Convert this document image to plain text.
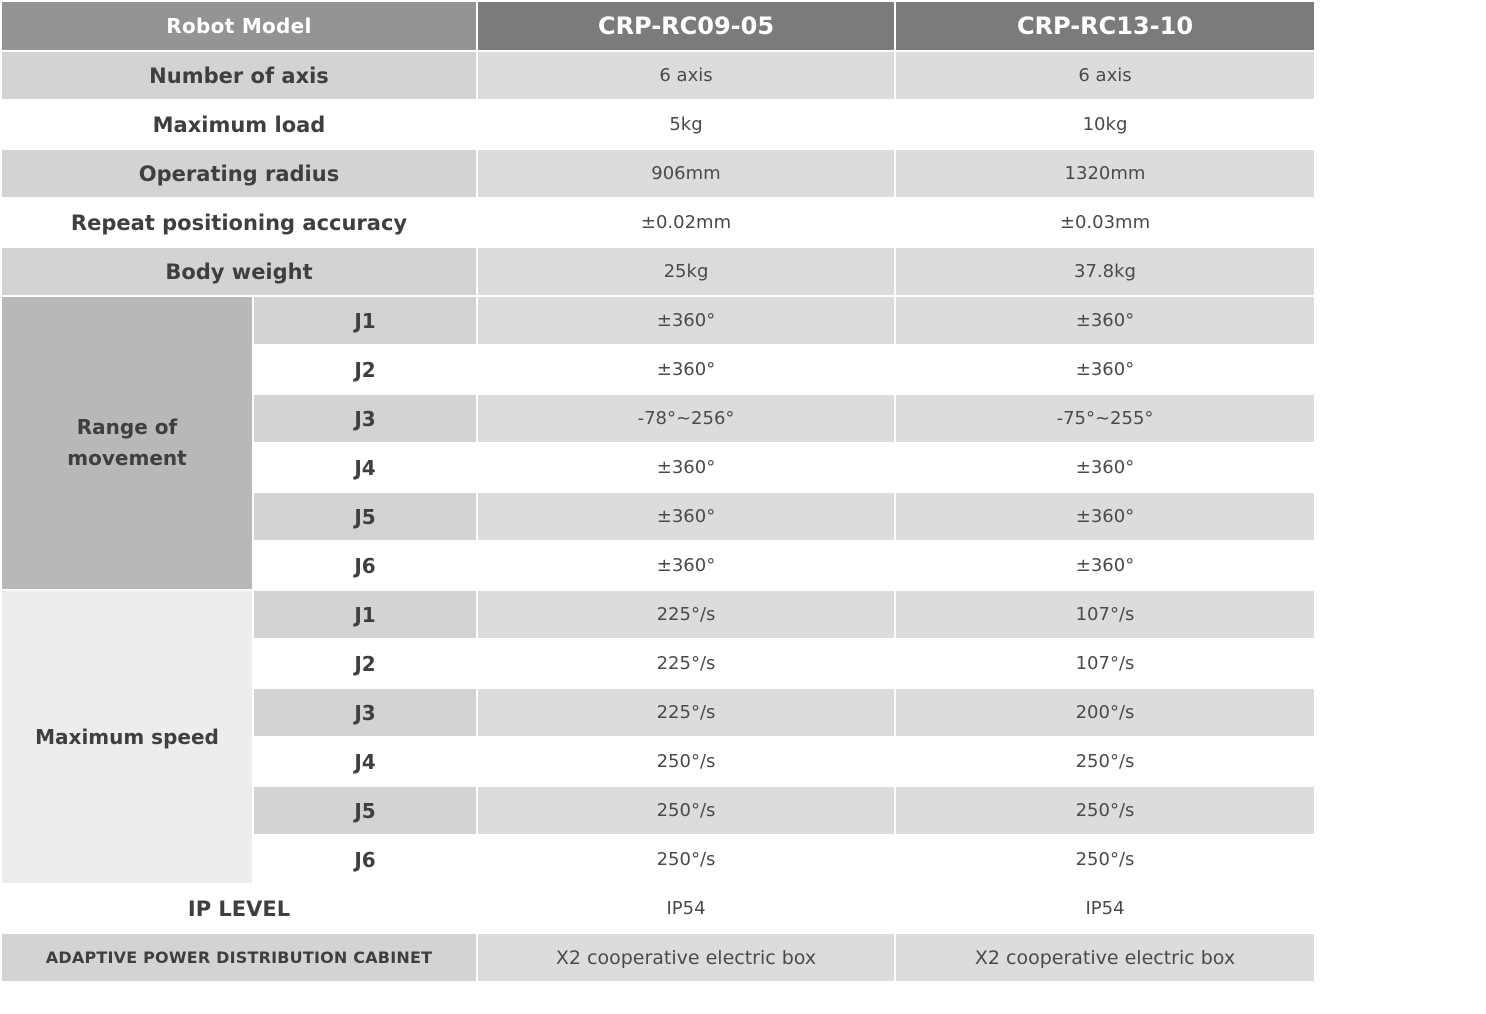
Robot Model		CRP-RC09-05	CRP-RC13-10
Number of axis		6 axis	6 axis
Maximum load		5kg	10kg
Operating radius		906mm	1320mm
Repeat positioning accuracy		±0.02mm	±0.03mm
Body weight		25kg	37.8kg

Range of
movement	J1	±360°	±360°
	J2	±360°	±360°
	J3	-78°~256°	-75°~255°
	J4	±360°	±360°
	J5	±360°	±360°
	J6	±360°	±360°
Maximum speed	J1	225°/s	107°/s
	J2	225°/s	107°/s
	J3	225°/s	200°/s
	J4	250°/s	250°/s
	J5	250°/s	250°/s
	J6	250°/s	250°/s
IP LEVEL		IP54	IP54
ADAPTIVE POWER DISTRIBUTION CABINET		X2 cooperative electric box	X2 cooperative electric box
